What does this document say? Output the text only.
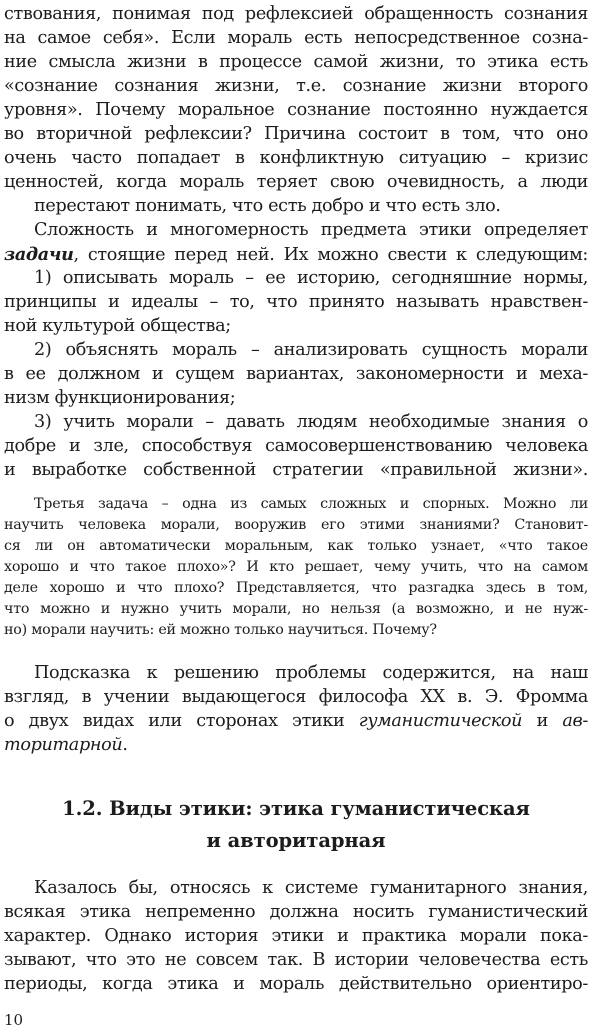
ствования, понимая под рефлексией обращенность сознания
на самое себя». Если мораль есть непосредственное созна-
ние смысла жизни в процессе самой жизни, то этика есть
«сознание сознания жизни, т.е. сознание жизни второго
уровня». Почему моральное сознание постоянно нуждается
во вторичной рефлексии? Причина состоит в том, что оно
очень часто попадает в конфликтную ситуацию – кризис
ценностей, когда мораль теряет свою очевидность, а люди
перестают понимать, что есть добро и что есть зло.
Сложность и многомерность предмета этики определяет
задачи, стоящие перед ней. Их можно свести к следующим:
1) описывать мораль – ее историю, сегодняшние нормы,
принципы и идеалы – то, что принято называть нравствен-
ной культурой общества;
2) объяснять мораль – анализировать сущность морали
в ее должном и сущем вариантах, закономерности и меха-
низм функционирования;
3) учить морали – давать людям необходимые знания о
добре и зле, способствуя самосовершенствованию человека
и выработке собственной стратегии «правильной жизни».
Третья задача – одна из самых сложных и спорных. Можно ли
научить человека морали, вооружив его этими знаниями? Становит-
ся ли он автоматически моральным, как только узнает, «что такое
хорошо и что такое плохо»? И кто решает, чему учить, что на самом
деле хорошо и что плохо? Представляется, что разгадка здесь в том,
что можно и нужно учить морали, но нельзя (а возможно, и не нуж-
но) морали научить: ей можно только научиться. Почему?
Подсказка к решению проблемы содержится, на наш
взгляд, в учении выдающегося философа XX в. Э. Фромма
о двух видах или сторонах этики гуманистической и ав-
торитарной.
1.2. Виды этики: этика гуманистическая
и авторитарная
Казалось бы, относясь к системе гуманитарного знания,
всякая этика непременно должна носить гуманистический
характер. Однако история этики и практика морали пока-
зывают, что это не совсем так. В истории человечества есть
периоды, когда этика и мораль действительно ориентиро-
10
